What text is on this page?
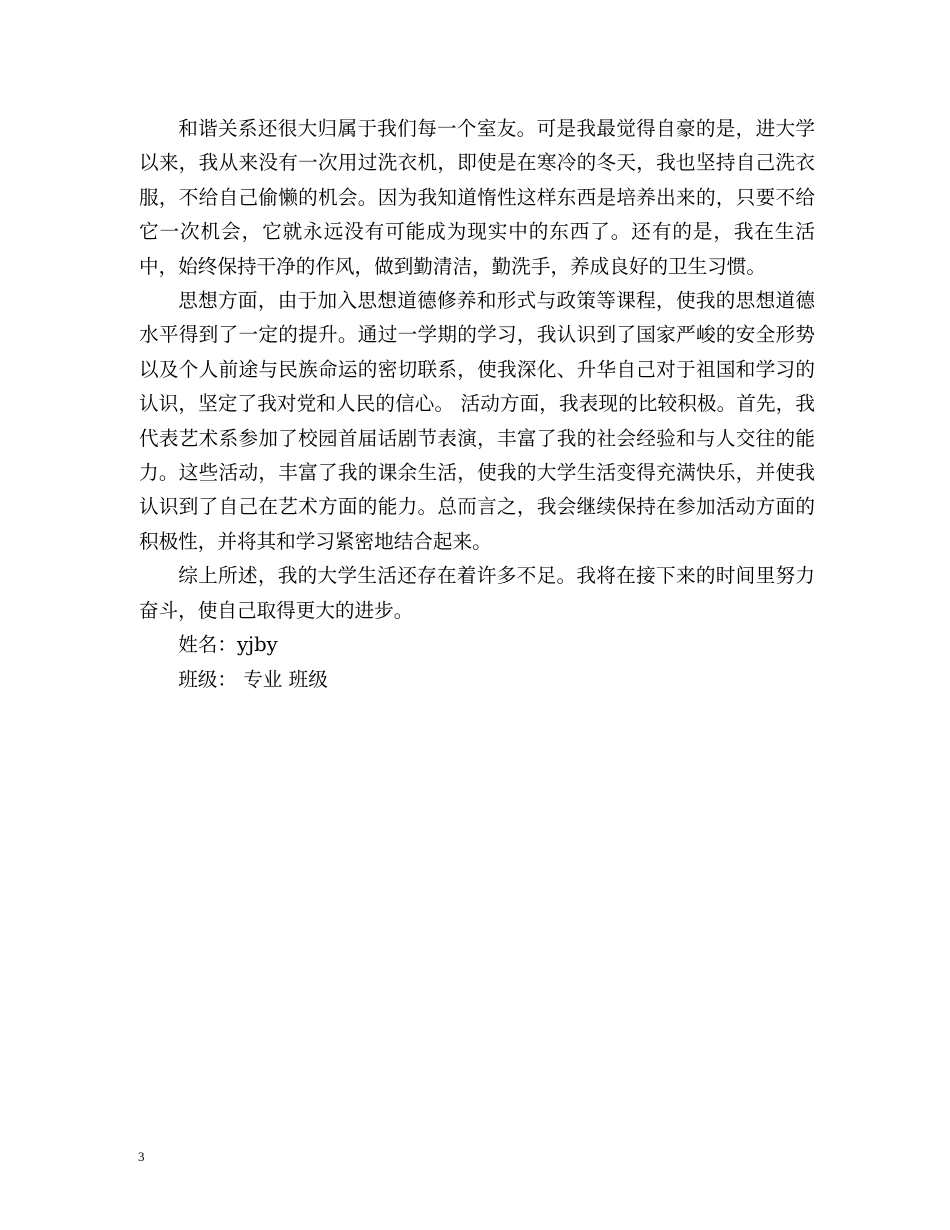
和谐关系还很大归属于我们每一个室友。可是我最觉得自豪的是，进大学以来，我从来没有一次用过洗衣机，即使是在寒冷的冬天，我也坚持自己洗衣服，不给自己偷懒的机会。因为我知道惰性这样东西是培养出来的，只要不给它一次机会，它就永远没有可能成为现实中的东西了。还有的是，我在生活中，始终保持干净的作风，做到勤清洁，勤洗手，养成良好的卫生习惯。

思想方面，由于加入思想道德修养和形式与政策等课程，使我的思想道德水平得到了一定的提升。通过一学期的学习，我认识到了国家严峻的安全形势以及个人前途与民族命运的密切联系，使我深化、升华自己对于祖国和学习的认识，坚定了我对党和人民的信心。 活动方面，我表现的比较积极。首先，我代表艺术系参加了校园首届话剧节表演，丰富了我的社会经验和与人交往的能力。这些活动，丰富了我的课余生活，使我的大学生活变得充满快乐，并使我认识到了自己在艺术方面的能力。总而言之，我会继续保持在参加活动方面的积极性，并将其和学习紧密地结合起来。

综上所述，我的大学生活还存在着许多不足。我将在接下来的时间里努力奋斗，使自己取得更大的进步。

姓名：yjby

班级： 专业 班级

3
